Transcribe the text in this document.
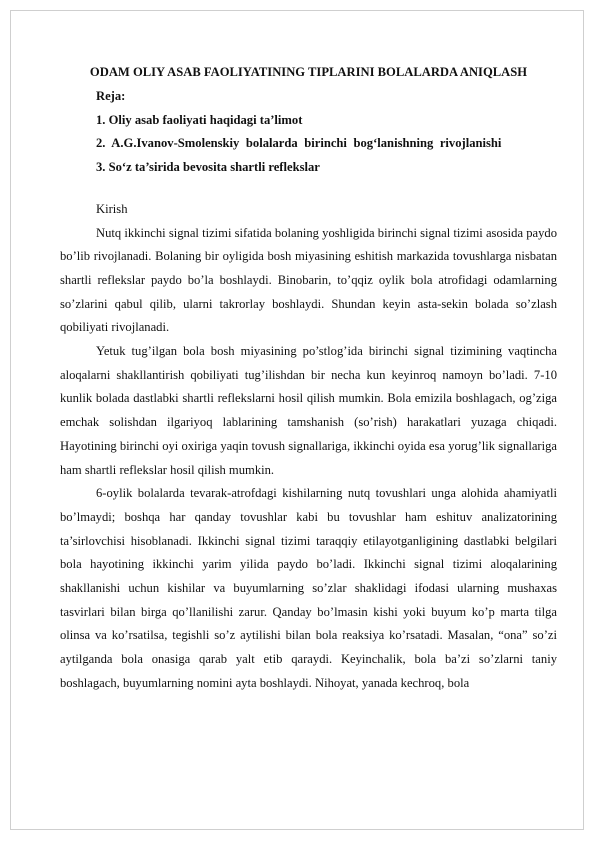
ODAM OLIY ASAB FAOLIYATINING TIPLARINI BOLALARDA ANIQLASH
Reja:
1. Oliy asab faoliyati haqidagi ta’limot
2. A.G.Ivanov-Smolenskiy bolalarda birinchi bog‘lanishning rivojlanishi
3. So‘z ta’sirida bevosita shartli reflekslar

Kirish

Nutq ikkinchi signal tizimi sifatida bolaning yoshligida birinchi signal tizimi asosida paydo bo’lib rivojlanadi. Bolaning bir oyligida bosh miyasining eshitish markazida tovushlarga nisbatan shartli reflekslar paydo bo’la boshlaydi. Binobarin, to’qqiz oylik bola atrofidagi odamlarning so’zlarini qabul qilib, ularni takrorlay boshlaydi. Shundan keyin asta-sekin bolada so’zlash qobiliyati rivojlanadi.

Yetuk tug’ilgan bola bosh miyasining po’stlog’ida birinchi signal tizimining vaqtincha aloqalarni shakllantirish qobiliyati tug’ilishdan bir necha kun keyinroq namoyn bo’ladi. 7-10 kunlik bolada dastlabki shartli reflekslarni hosil qilish mumkin. Bola emizila boshlagach, og’ziga emchak solishdan ilgariyoq lablarining tamshanish (so’rish) harakatlari yuzaga chiqadi. Hayotining birinchi oyi oxiriga yaqin tovush signallariga, ikkinchi oyida esa yorug’lik signallariga ham shartli reflekslar hosil qilish mumkin.

6-oylik bolalarda tevarak-atrofdagi kishilarning nutq tovushlari unga alohida ahamiyatli bo’lmaydi; boshqa har qanday tovushlar kabi bu tovushlar ham eshituv analizatorining ta’sirlovchisi hisoblanadi. Ikkinchi signal tizimi taraqqiy etilayotganligining dastlabki belgilari bola hayotining ikkinchi yarim yilida paydo bo’ladi. Ikkinchi signal tizimi aloqalarining shakllanishi uchun kishilar va buyumlarning so’zlar shaklidagi ifodasi ularning mushaxas tasvirlari bilan birga qo’llanilishi zarur. Qanday bo’lmasin kishi yoki buyum ko’p marta tilga olinsa va ko’rsatilsa, tegishli so’z aytilishi bilan bola reaksiya ko’rsatadi. Masalan, “ona” so’zi aytilganda bola onasiga qarab yalt etib qaraydi. Keyinchalik, bola ba’zi so’zlarni taniy boshlagach, buyumlarning nomini ayta boshlaydi. Nihoyat, yanada kechroq, bola
